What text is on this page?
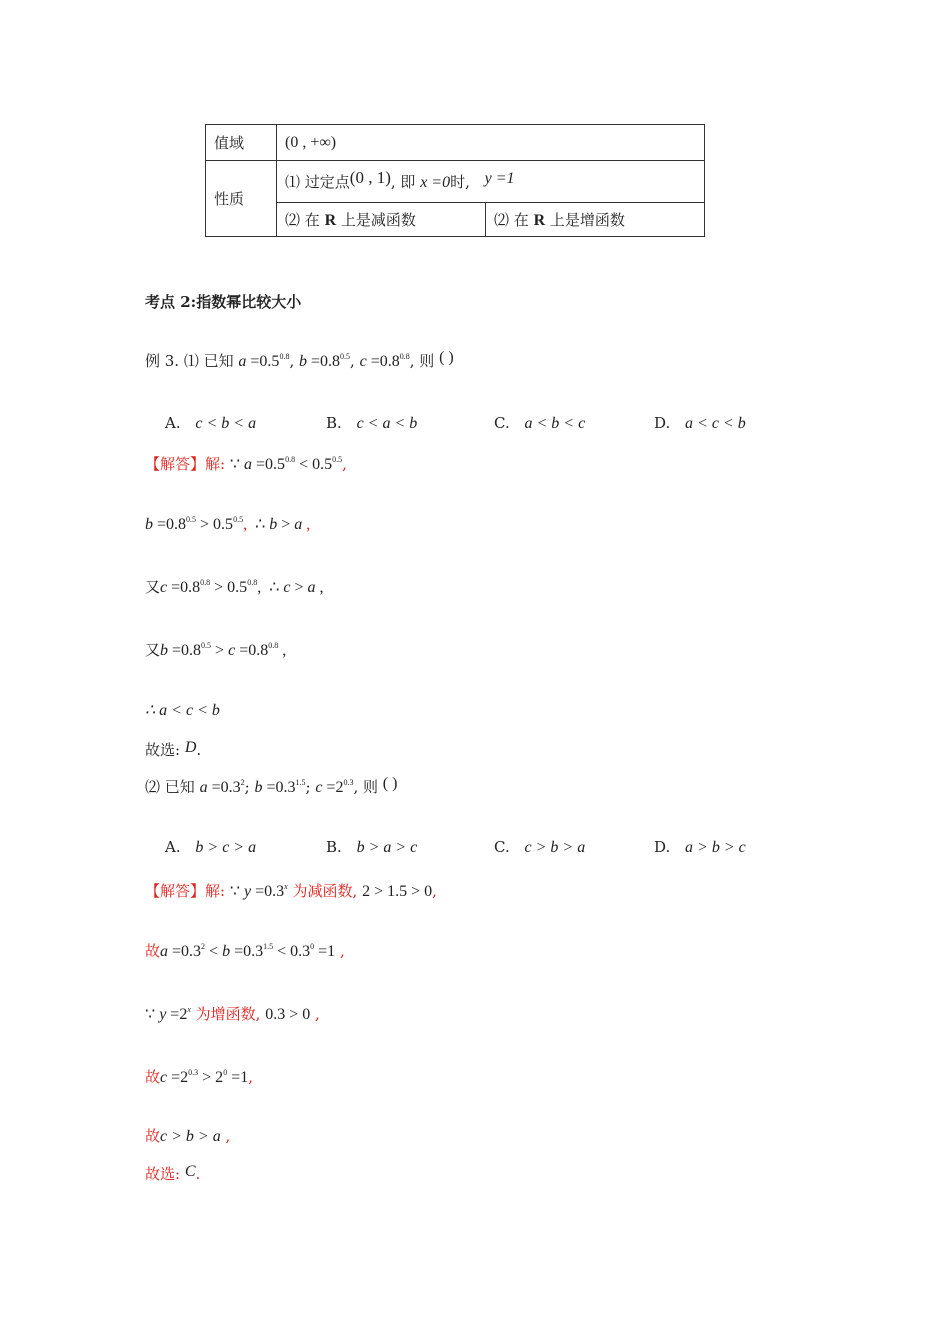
值域	(0 , +∞)	
性质	⑴ 过定点(0 , 1), 即 x =0时, y =1	
	⑵ 在 R 上是减函数	⑵ 在 R 上是增函数
考点 2:指数幂比较大小
例 3. ⑴ 已知 $a =0.5^{0.8}$, $b =0.8^{0.5}$, $c =0.8^{0.8}$, 则 ( )
A. c < b < a	B. c < a < b	C. a < b < c	D. a < c < b
【解答】解: ∵ $a =0.5^{0.8} < 0.5^{0.5}$,
$b =0.8^{0.5} > 0.5^{0.5}$,  ∴ b > a ,
又$c =0.8^{0.8} > 0.5^{0.8}$,  ∴ c > a ,
又$b =0.8^{0.5} > c =0.8^{0.8}$ ,
∴ a < c < b
故选: D.
⑵ 已知 $a =0.3^2$; $b =0.3^{1.5}$; $c =2^{0.3}$, 则 ( )
A. b > c > a	B. b > a > c	C. c > b > a	D. a > b > c
【解答】解: ∵ $y =0.3^x$ 为减函数, 2 > 1.5 > 0,
故$a =0.3^2 < b =0.3^{1.5} < 0.3^0 =1$ ,
∵ $y =2^x$ 为增函数, 0.3 > 0 ,
故$c =2^{0.3} > 2^0 =1$,
故c > b > a ,
故选: C.
